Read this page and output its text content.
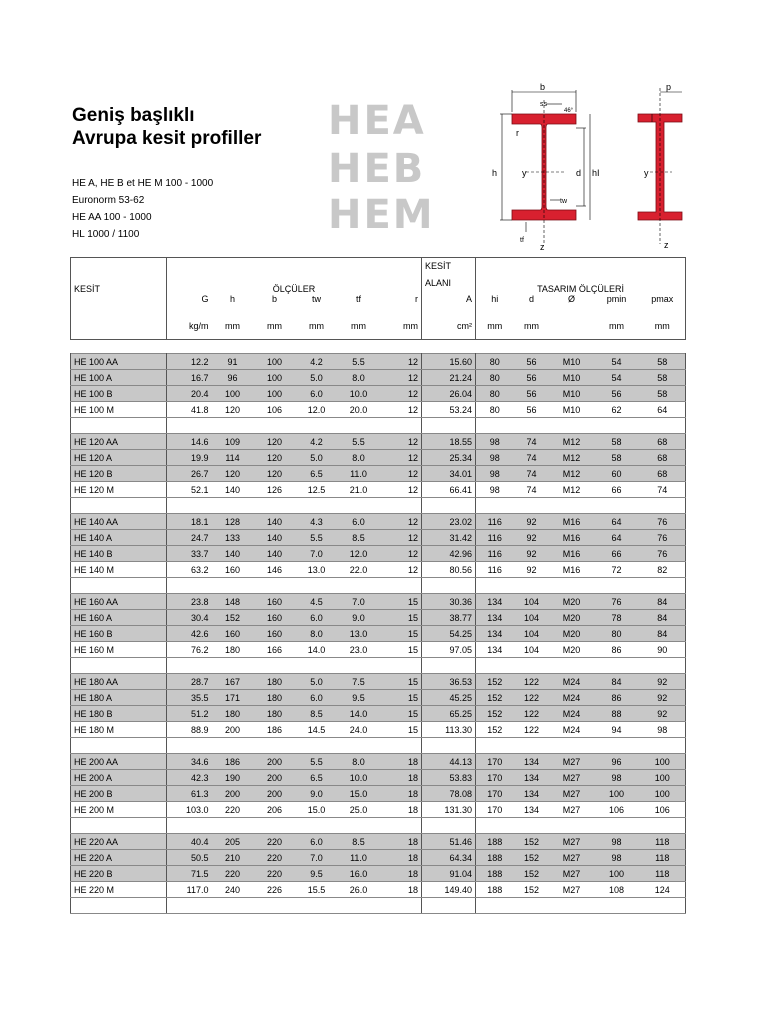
Geniş başlıklı
Avrupa kesit profiller
HE A, HE B et HE M 100 - 1000
Euronorm 53-62
HE AA 100 - 1000
HL 1000 / 1100
HEA
HEB
HEM
b
ss
46°
r
h	y	d hI
tw
tf
z
p
y
z
KESİT	ÖLÇÜLER						KESİT
ALANI	TASARIM ÖLÇÜLERİ				
	G	h	b	tw	tf	r	A	hi	d	Ø	pmin	pmax
	kg/m	mm	mm	mm	mm	mm	cm²	mm	mm		mm	mm

HE 100 AA	12.2	91	100	4.2	5.5	12	15.60	80	56	M10	54	58
HE 100 A	16.7	96	100	5.0	8.0	12	21.24	80	56	M10	54	58
HE 100 B	20.4	100	100	6.0	10.0	12	26.04	80	56	M10	56	58
HE 100 M	41.8	120	106	12.0	20.0	12	53.24	80	56	M10	62	64

HE 120 AA	14.6	109	120	4.2	5.5	12	18.55	98	74	M12	58	68
HE 120 A	19.9	114	120	5.0	8.0	12	25.34	98	74	M12	58	68
HE 120 B	26.7	120	120	6.5	11.0	12	34.01	98	74	M12	60	68
HE 120 M	52.1	140	126	12.5	21.0	12	66.41	98	74	M12	66	74

HE 140 AA	18.1	128	140	4.3	6.0	12	23.02	116	92	M16	64	76
HE 140 A	24.7	133	140	5.5	8.5	12	31.42	116	92	M16	64	76
HE 140 B	33.7	140	140	7.0	12.0	12	42.96	116	92	M16	66	76
HE 140 M	63.2	160	146	13.0	22.0	12	80.56	116	92	M16	72	82

HE 160 AA	23.8	148	160	4.5	7.0	15	30.36	134	104	M20	76	84
HE 160 A	30.4	152	160	6.0	9.0	15	38.77	134	104	M20	78	84
HE 160 B	42.6	160	160	8.0	13.0	15	54.25	134	104	M20	80	84
HE 160 M	76.2	180	166	14.0	23.0	15	97.05	134	104	M20	86	90

HE 180 AA	28.7	167	180	5.0	7.5	15	36.53	152	122	M24	84	92
HE 180 A	35.5	171	180	6.0	9.5	15	45.25	152	122	M24	86	92
HE 180 B	51.2	180	180	8.5	14.0	15	65.25	152	122	M24	88	92
HE 180 M	88.9	200	186	14.5	24.0	15	113.30	152	122	M24	94	98

HE 200 AA	34.6	186	200	5.5	8.0	18	44.13	170	134	M27	96	100
HE 200 A	42.3	190	200	6.5	10.0	18	53.83	170	134	M27	98	100
HE 200 B	61.3	200	200	9.0	15.0	18	78.08	170	134	M27	100	100
HE 200 M	103.0	220	206	15.0	25.0	18	131.30	170	134	M27	106	106

HE 220 AA	40.4	205	220	6.0	8.5	18	51.46	188	152	M27	98	118
HE 220 A	50.5	210	220	7.0	11.0	18	64.34	188	152	M27	98	118
HE 220 B	71.5	220	220	9.5	16.0	18	91.04	188	152	M27	100	118
HE 220 M	117.0	240	226	15.5	26.0	18	149.40	188	152	M27	108	124
